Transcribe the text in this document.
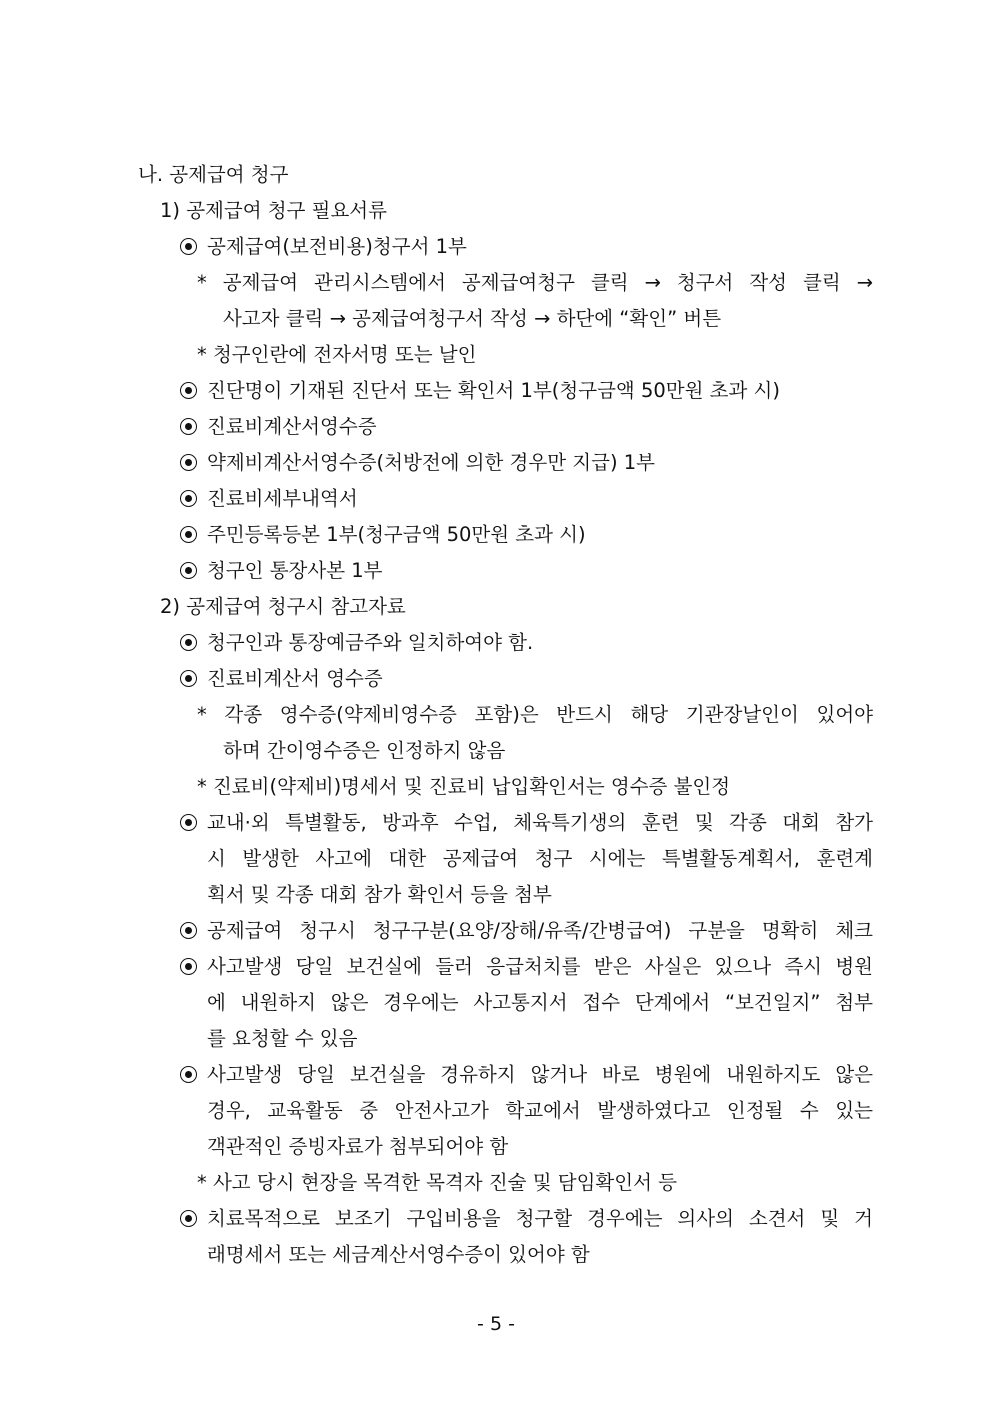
나. 공제급여 청구
1) 공제급여 청구 필요서류
공제급여(보전비용)청구서 1부
* 공제급여 관리시스템에서 공제급여청구 클릭 → 청구서 작성 클릭 →
사고자 클릭 → 공제급여청구서 작성 → 하단에 “확인” 버튼
* 청구인란에 전자서명 또는 날인
진단명이 기재된 진단서 또는 확인서 1부(청구금액 50만원 초과 시)
진료비계산서영수증
약제비계산서영수증(처방전에 의한 경우만 지급) 1부
진료비세부내역서
주민등록등본 1부(청구금액 50만원 초과 시)
청구인 통장사본 1부
2) 공제급여 청구시 참고자료
청구인과 통장예금주와 일치하여야 함.
진료비계산서 영수증
* 각종 영수증(약제비영수증 포함)은 반드시 해당 기관장날인이 있어야
하며 간이영수증은 인정하지 않음
* 진료비(약제비)명세서 및 진료비 납입확인서는 영수증 불인정
교내·외 특별활동, 방과후 수업, 체육특기생의 훈련 및 각종 대회 참가
시 발생한 사고에 대한 공제급여 청구 시에는 특별활동계획서, 훈련계
획서 및 각종 대회 참가 확인서 등을 첨부
공제급여 청구시 청구구분(요양/장해/유족/간병급여) 구분을 명확히 체크
사고발생 당일 보건실에 들러 응급처치를 받은 사실은 있으나 즉시 병원
에 내원하지 않은 경우에는 사고통지서 접수 단계에서 “보건일지” 첨부
를 요청할 수 있음
사고발생 당일 보건실을 경유하지 않거나 바로 병원에 내원하지도 않은
경우, 교육활동 중 안전사고가 학교에서 발생하였다고 인정될 수 있는
객관적인 증빙자료가 첨부되어야 함
* 사고 당시 현장을 목격한 목격자 진술 및 담임확인서 등
치료목적으로 보조기 구입비용을 청구할 경우에는 의사의 소견서 및 거
래명세서 또는 세금계산서영수증이 있어야 함
- 5 -
